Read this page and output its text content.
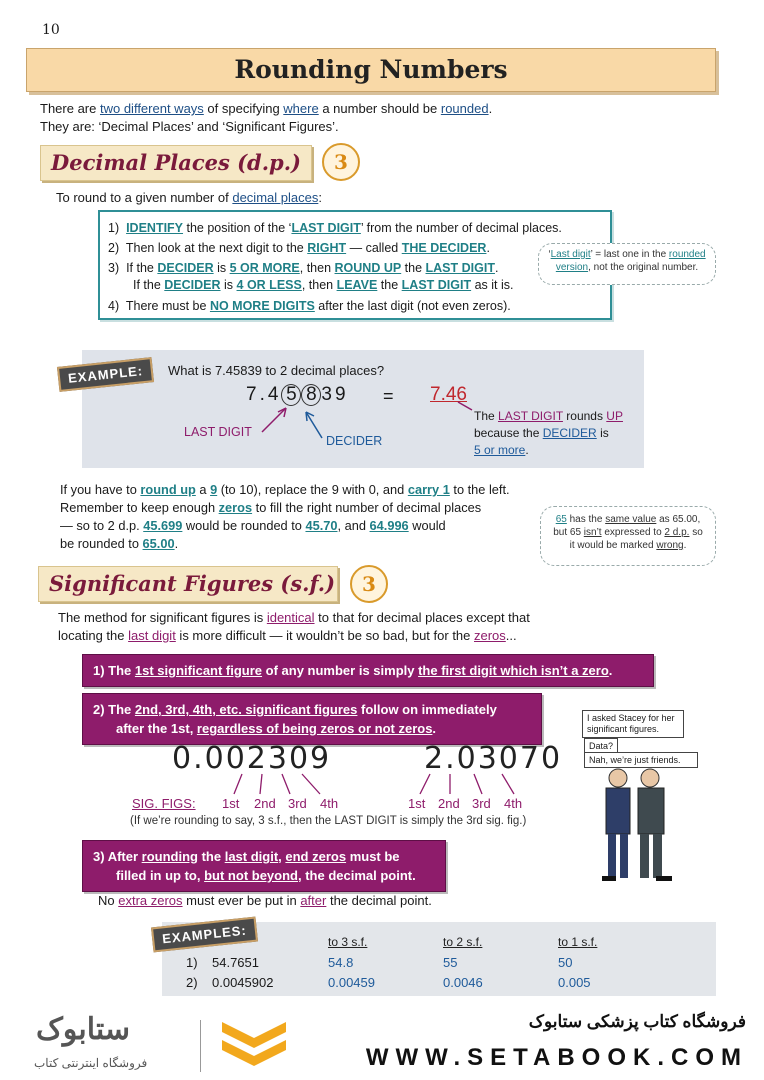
10
Rounding Numbers
There are two different ways of specifying where a number should be rounded.
They are: ‘Decimal Places’ and ‘Significant Figures’.
Decimal Places (d.p.)	3
To round to a given number of decimal places:
1) IDENTIFY the position of the ‘LAST DIGIT’ from the number of decimal places.
2) Then look at the next digit to the RIGHT — called THE DECIDER.
3) If the DECIDER is 5 OR MORE, then ROUND UP the LAST DIGIT.
If the DECIDER is 4 OR LESS, then LEAVE the LAST DIGIT as it is.
4) There must be NO MORE DIGITS after the last digit (not even zeros).
‘Last digit’ = last one in the rounded
version, not the original number.
EXAMPLE:	What is 7.45839 to 2 decimal places?
7.4 5 8 39 = 7.46
LAST DIGIT
DECIDER
The LAST DIGIT rounds UP
because the DECIDER is
5 or more.
If you have to round up a 9 (to 10), replace the 9 with 0, and carry 1 to the left.
Remember to keep enough zeros to fill the right number of decimal places
— so to 2 d.p. 45.699 would be rounded to 45.70, and 64.996 would
be rounded to 65.00.
65 has the same value as 65.00,
but 65 isn’t expressed to 2 d.p. so
it would be marked wrong.
Significant Figures (s.f.)	3
The method for significant figures is identical to that for decimal places except that
locating the last digit is more difficult — it wouldn’t be so bad, but for the zeros...
1) The 1st significant figure of any number is simply the first digit which isn’t a zero.
2) The 2nd, 3rd, 4th, etc. significant figures follow on immediately
after the 1st, regardless of being zeros or not zeros.
I asked Stacey for her significant figures.
Data?
Nah, we’re just friends.
0.002309	2.03070
SIG. FIGS: 1st 2nd 3rd 4th	1st 2nd 3rd 4th
(If we’re rounding to say, 3 s.f., then the LAST DIGIT is simply the 3rd sig. fig.)
3) After rounding the last digit, end zeros must be
filled in up to, but not beyond, the decimal point.
No extra zeros must ever be put in after the decimal point.
EXAMPLES:	to 3 s.f.	to 2 s.f.	to 1 s.f.
1) 54.7651	54.8	55	50
2) 0.0045902	0.00459	0.0046	0.005
ستابوک
فروشگاه اینترنتی کتاب
فروشگاه کتاب پزشکی ستابوک
WWW.SETABOOK.COM
